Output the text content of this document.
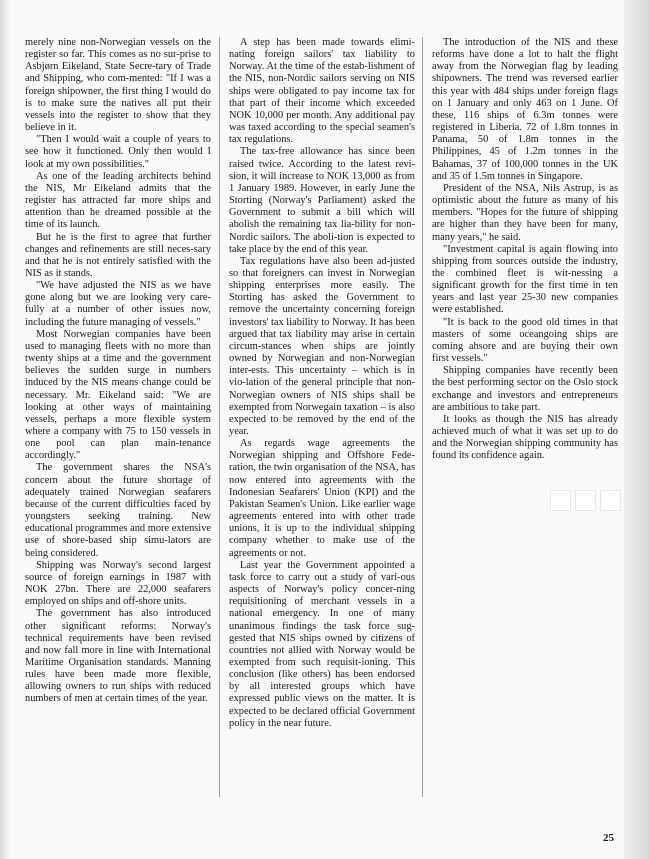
merely nine non-Norwegian vessels on the register so far. This comes as no sur-prise to Asbjørn Eikeland, State Secre-tary of Trade and Shipping, who com-mented: "If I was a foreign shipowner, the first thing I would do is to make sure the natives all put their vessels into the register to show that they believe in it.

"Then I would wait a couple of years to see how it functioned. Only then would I look at my own possibilities."

As one of the leading architects behind the NIS, Mr Eikeland admits that the register has attracted far more ships and attention than he dreamed possible at the time of its launch.

But he is the first to agree that further changes and refinements are still neces-sary and that he is not entirely satisfied with the NIS as it stands.

"We have adjusted the NIS as we have gone along but we are looking very care-fully at a number of other issues now, including the future managing of vessels."

Most Norwegian companies have been used to managing fleets with no more than twenty ships at a time and the government believes the sudden surge in numbers induced by the NIS means change could be necessary. Mr. Eikeland said: "We are looking at other ways of maintaining vessels, perhaps a more flexible system where a company with 75 to 150 vessels in one pool can plan main-tenance accordingly."

The government shares the NSA's concern about the future shortage of adequately trained Norwegian seafarers because of the current difficulties faced by youngsters seeking training. New educational programmes and more extensive use of shore-based ship simu-lators are being considered.

Shipping was Norway's second largest source of foreign earnings in 1987 with NOK 27bn. There are 22,000 seafarers employed on ships and off-shore units.

The government has also introduced other significant reforms: Norway's technical requirements have been revised and now fall more in line with International Maritime Organisation standards. Manning rules have been made more flexible, allowing owners to run ships with reduced numbers of men at certain times of the year.

A step has been made towards elimi-nating foreign sailors' tax liability to Norway. At the time of the estab-lishment of the NIS, non-Nordic sailors serving on NIS ships were obligated to pay income tax for that part of their income which exceeded NOK 10,000 per month. Any additional pay was taxed according to the special seamen's tax regulations.

The tax-free allowance has since been raised twice. According to the latest revi-sion, it will increase to NOK 13,000 as from 1 January 1989. However, in early June the Storting (Norway's Parliament) asked the Government to submit a bill which will abolish the remaining tax lia-bility for non-Nordic sailors. The aboli-tion is expected to take place by the end of this year.

Tax regulations have also been ad-justed so that foreigners can invest in Norwegian shipping enterprises more easily. The Storting has asked the Government to remove the uncertainty concerning foreign investors' tax liability to Norway. It has been argued that tax liability may arise in certain circum-stances when ships are jointly owned by Norwegian and non-Norwegian inter-ests. This uncertainty – which is in vio-lation of the general principle that non-Norwegian owners of NIS ships shall be exempted from Norwegain taxation – is also expected to be removed by the end of the year.

As regards wage agreements the Norwegian shipping and Offshore Fede-ration, the twin organisation of the NSA, has now entered into agreements with the Indonesian Seafarers' Union (KPI) and the Pakistan Seamen's Union. Like earlier wage agreements entered into with other trade unions, it is up to the individual shipping company whether to make use of the agreements or not.

Last year the Government appointed a task force to carry out a study of vari-ous aspects of Norway's policy concer-ning requisitioning of merchant vessels in a national emergency. In one of many unanimous findings the task force sug-gested that NIS ships owned by citizens of countries not allied with Norway would be exempted from such requisit-ioning. This conclusion (like others) has been endorsed by all interested groups which have expressed public views on the matter. It is expected to be declared official Government policy in the near future.

The introduction of the NIS and these reforms have done a lot to halt the flight away from the Norwegian flag by leading shipowners. The trend was reversed earlier this year with 484 ships under foreign flags on 1 January and only 463 on 1 June. Of these, 116 ships of 6.3m tonnes were registered in Liberia. 72 of 1.8m tonnes in Panama, 50 of 1.8m tonnes in the Philippines, 45 of 1.2m tonnes in the Bahamas, 37 of 100,000 tonnes in the UK and 35 of 1.5m tonnes in Singapore.

President of the NSA, Nils Astrup, is as optimistic about the future as many of his members. "Hopes for the future of shipping are higher than they have been for many, many years," he said.

"Investment capital is again flowing into shipping from sources outside the industry, the combined fleet is wit-nessing a significant growth for the first time in ten years and last year 25-30 new companies were established.

"It is back to the good old times in that masters of some oceangoing ships are coming ahsore and are buying their own first vessels."

Shipping companies have recently been the best performing sector on the Oslo stock exchange and investors and entrepreneurs are ambitious to take part.

It looks as though the NIS has already achieved much of what it was set up to do and the Norwegian shipping community has found its confidence again.

25
